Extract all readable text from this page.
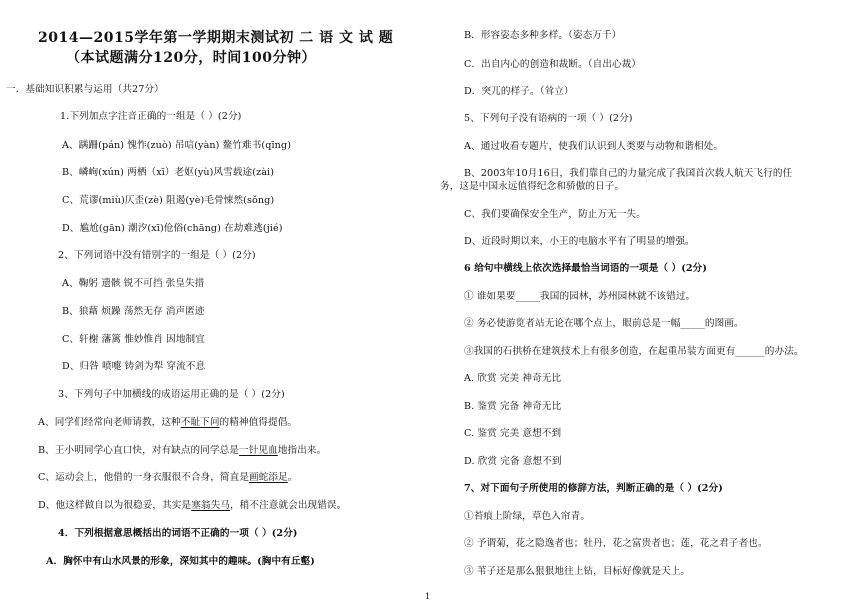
2014—2015学年第一学期期末测试初 二 语 文 试 题
（本试题满分120分，时间100分钟）
一．基础知识积累与运用（共27分）
1.下列加点字注音正确的一组是（ ）(2分)
A、蹒跚(pán) 愧怍(zuò) 吊唁(yàn) 鳌竹难书(qīng)
B、嶙峋(xún) 两栖（xī）老妪(yù)风雪载途(zài)
C、荒谬(miù)仄歪(zè) 阻遏(yè)毛骨悚然(sǒng)
D、尴尬(gān) 潮汐(xī)伧俗(chāng) 在劫难逃(jié)
2、下列词语中没有错别字的一组是（ ）(2分)
A、鞠躬 遗骸 锐不可挡 张皇失措
B、狼藉 烦躁 荡然无存 消声匿迹
C、轩榭 藩篱 惟妙惟肖 因地制宜
D、归咎 喷嚏 铸剑为犁 穿流不息
3、下列句子中加横线的成语运用正确的是（ ）(2分)
A、同学们经常向老师请教，这种不耻下问的精神值得提倡。
B、王小明同学心直口快，对有缺点的同学总是一针见血地指出来。
C、运动会上，他借的一身衣服很不合身，简直是画蛇添足。
D、他这样做自以为很稳妥，其实是塞翁失马，稍不注意就会出现错误。
4．下列根据意思概括出的词语不正确的一项（ ）(2分)
A．胸怀中有山水风景的形象，深知其中的趣味。(胸中有丘壑)
B．形容姿态多种多样。（姿态万千）
C．出自内心的创造和裁断。（自出心裁）
D．突兀的样子。（耸立）
5、下列句子没有语病的一项（ ）(2分)
A、通过收看专题片，使我们认识到人类要与动物和谐相处。
B、2003年10月16日，我们靠自己的力量完成了我国首次载人航天飞行的任
务，这是中国永远值得纪念和骄傲的日子。
C、我们要确保安全生产，防止万无一失。
D、近段时期以来，小王的电脑水平有了明显的增强。
6 给句中横线上依次选择最恰当词语的一项是（ ）(2分)
① 谁如果要_____我国的园林，苏州园林就不该错过。
② 务必使游览者站无论在哪个点上，眼前总是一幅_____的图画。
③我国的石拱桥在建筑技术上有很多创造，在起重吊装方面更有______的办法。
A. 欣赏 完美 神奇无比
B. 鉴赏 完备 神奇无比
C. 鉴赏 完美 意想不到
D. 欣赏 完备 意想不到
7、对下面句子所使用的修辞方法，判断正确的是（ ）(2分)
①苔痕上阶绿，草色入帘青。
② 予谓菊，花之隐逸者也；牡丹，花之富贵者也；莲，花之君子者也。
③ 苇子还是那么狠狠地往上钻，目标好像就是天上。
1
